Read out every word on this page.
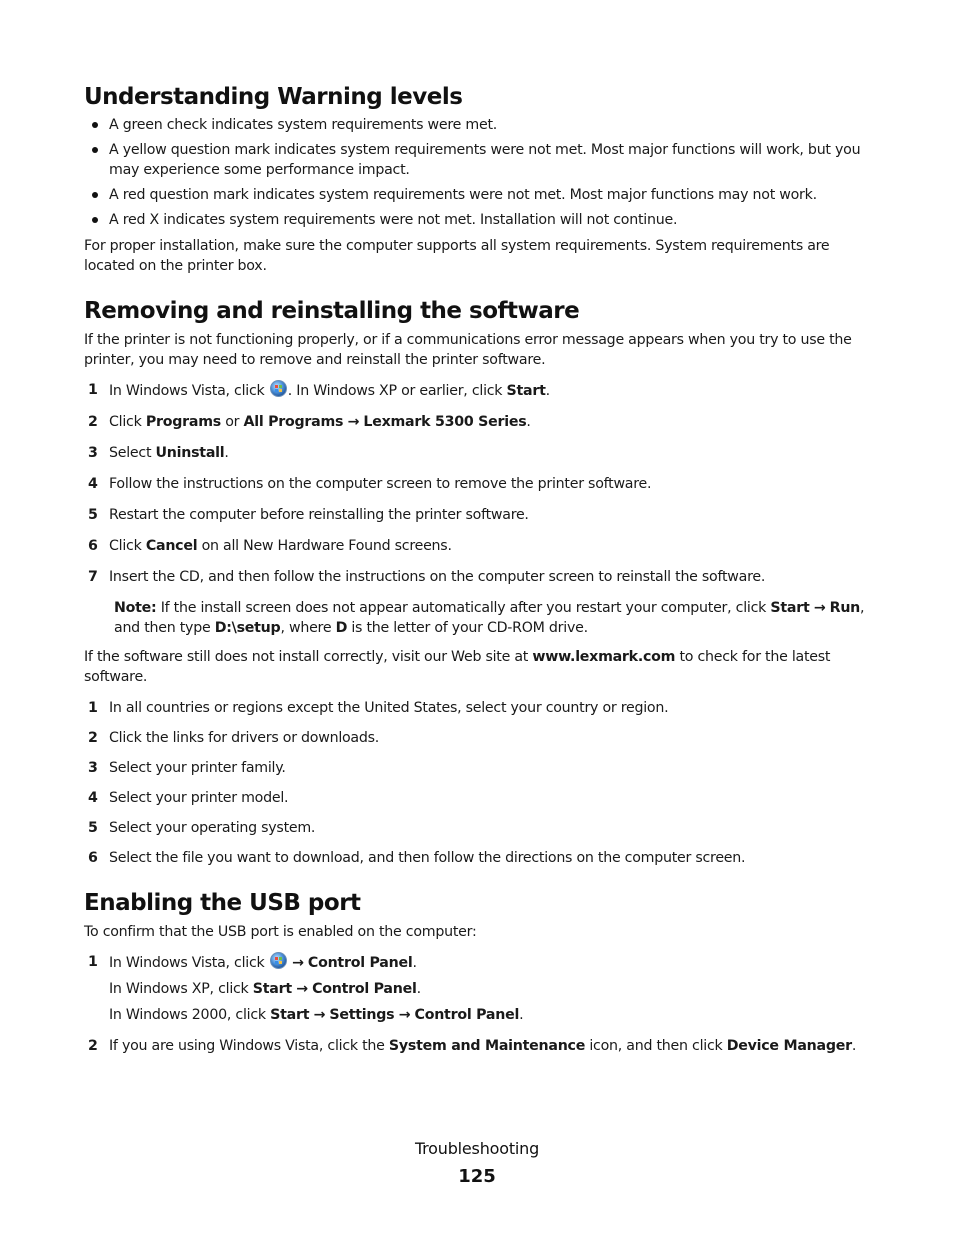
Understanding Warning levels
A green check indicates system requirements were met.
A yellow question mark indicates system requirements were not met. Most major functions will work, but you may experience some performance impact.
A red question mark indicates system requirements were not met. Most major functions may not work.
A red X indicates system requirements were not met. Installation will not continue.

For proper installation, make sure the computer supports all system requirements. System requirements are located on the printer box.

Removing and reinstalling the software

If the printer is not functioning properly, or if a communications error message appears when you try to use the printer, you may need to remove and reinstall the printer software.

1 In Windows Vista, click . In Windows XP or earlier, click Start.
2 Click Programs or All Programs → Lexmark 5300 Series.
3 Select Uninstall.
4 Follow the instructions on the computer screen to remove the printer software.
5 Restart the computer before reinstalling the printer software.
6 Click Cancel on all New Hardware Found screens.
7 Insert the CD, and then follow the instructions on the computer screen to reinstall the software.

Note: If the install screen does not appear automatically after you restart your computer, click Start → Run, and then type D:\setup, where D is the letter of your CD-ROM drive.

If the software still does not install correctly, visit our Web site at www.lexmark.com to check for the latest software.

1 In all countries or regions except the United States, select your country or region.
2 Click the links for drivers or downloads.
3 Select your printer family.
4 Select your printer model.
5 Select your operating system.
6 Select the file you want to download, and then follow the directions on the computer screen.
Enabling the USB port

To confirm that the USB port is enabled on the computer:

1 In Windows Vista, click  → Control Panel.
In Windows XP, click Start → Control Panel.
In Windows 2000, click Start → Settings → Control Panel.
2 If you are using Windows Vista, click the System and Maintenance icon, and then click Device Manager.
Troubleshooting
125
